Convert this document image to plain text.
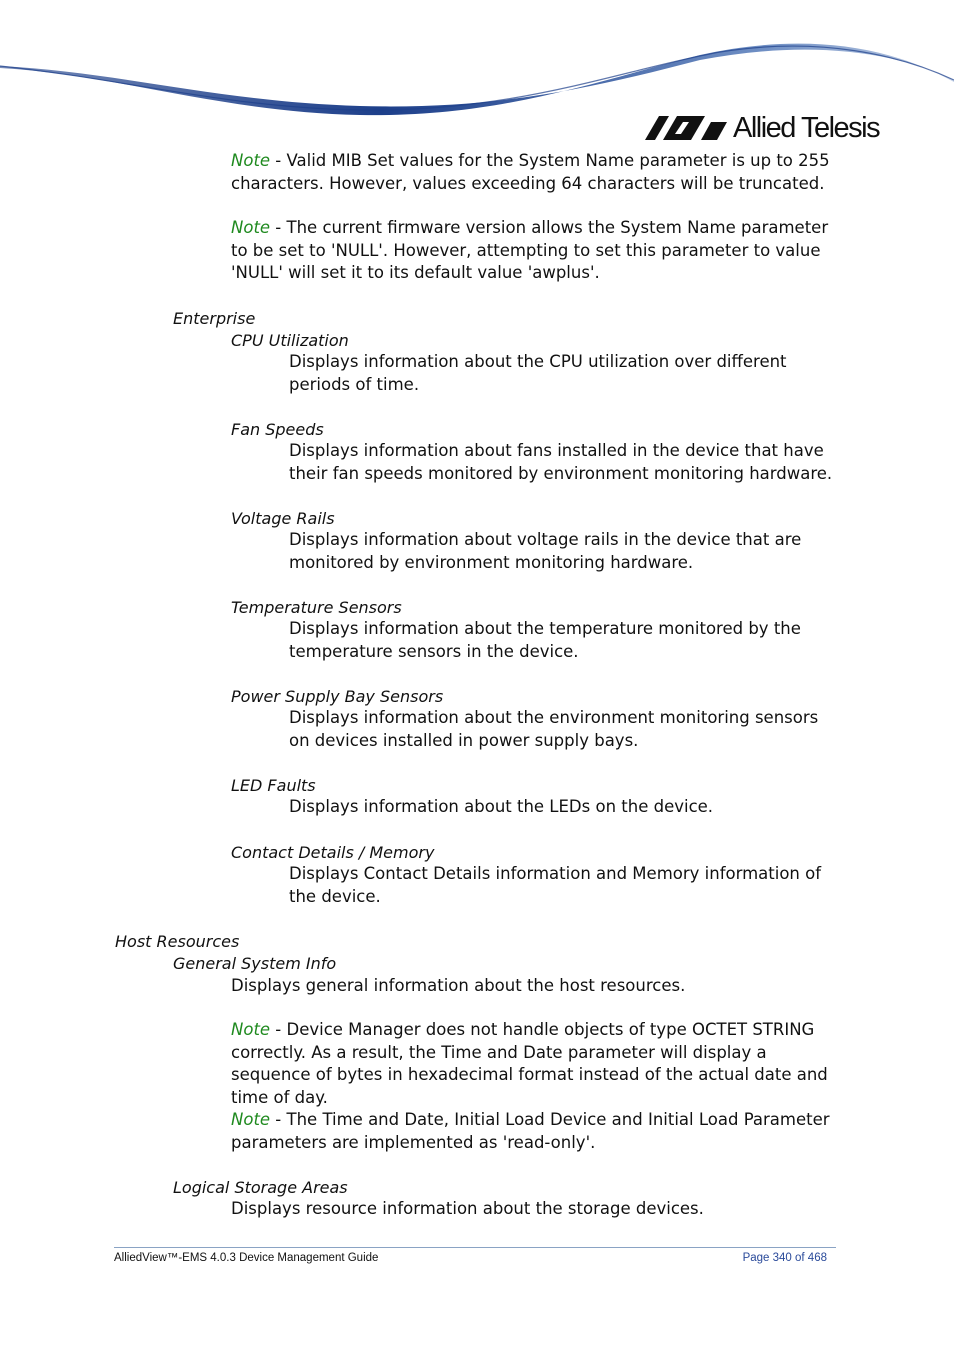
Allied Telesis

Note - Valid MIB Set values for the System Name parameter is up to 255 characters. However, values exceeding 64 characters will be truncated.

Note - The current firmware version allows the System Name parameter to be set to 'NULL'. However, attempting to set this parameter to value 'NULL' will set it to its default value 'awplus'.

Enterprise
CPU Utilization

Displays information about the CPU utilization over different periods of time.

Fan Speeds

Displays information about fans installed in the device that have their fan speeds monitored by environment monitoring hardware.

Voltage Rails

Displays information about voltage rails in the device that are monitored by environment monitoring hardware.

Temperature Sensors

Displays information about the temperature monitored by the temperature sensors in the device.

Power Supply Bay Sensors

Displays information about the environment monitoring sensors on devices installed in power supply bays.

LED Faults

Displays information about the LEDs on the device.

Contact Details / Memory

Displays Contact Details information and Memory information of the device.

Host Resources
General System Info

Displays general information about the host resources.

Note - Device Manager does not handle objects of type OCTET STRING correctly. As a result, the Time and Date parameter will display a sequence of bytes in hexadecimal format instead of the actual date and time of day.

Note - The Time and Date, Initial Load Device and Initial Load Parameter parameters are implemented as 'read-only'.

Logical Storage Areas

Displays resource information about the storage devices.

AlliedView™-EMS 4.0.3 Device Management Guide	Page 340 of 468
